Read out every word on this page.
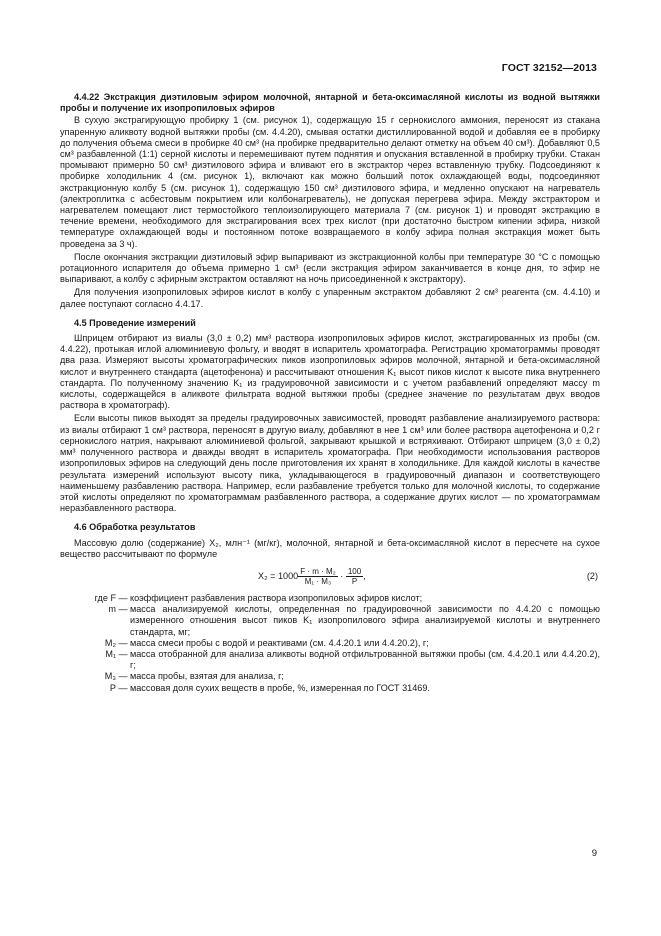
ГОСТ 32152—2013
4.4.22 Экстракция диэтиловым эфиром молочной, янтарной и бета-оксимасляной кислоты из водной вытяжки пробы и получение их изопропиловых эфиров

В сухую экстрагирующую пробирку 1 (см. рисунок 1), содержащую 15 г сернокислого аммония, переносят из стакана упаренную аликвоту водной вытяжки пробы (см. 4.4.20), смывая остатки дистиллированной водой и добавляя ее в пробирку до получения объема смеси в пробирке 40 см³ (на пробирке предварительно делают отметку на объем 40 см³). Добавляют 0,5 см³ разбавленной (1:1) серной кислоты и перемешивают путем поднятия и опускания вставленной в пробирку трубки. Стакан промывают примерно 50 см³ диэтилового эфира и вливают его в экстрактор через вставленную трубку. Подсоединяют к пробирке холодильник 4 (см. рисунок 1), включают как можно больший поток охлаждающей воды, подсоединяют экстракционную колбу 5 (см. рисунок 1), содержащую 150 см³ диэтилового эфира, и медленно опускают на нагреватель (электроплитка с асбестовым покрытием или колбонагреватель), не допуская перегрева эфира. Между экстрактором и нагревателем помещают лист термостойкого теплоизолирующего материала 7 (см. рисунок 1) и проводят экстракцию в течение времени, необходимого для экстрагирования всех трех кислот (при достаточно быстром кипении эфира, низкой температуре охлаждающей воды и постоянном потоке возвращаемого в колбу эфира полная экстракция может быть проведена за 3 ч).

После окончания экстракции диэтиловый эфир выпаривают из экстракционной колбы при температуре 30 °С с помощью ротационного испарителя до объема примерно 1 см³ (если экстракция эфиром заканчивается в конце дня, то эфир не выпаривают, а колбу с эфирным экстрактом оставляют на ночь присоединенной к экстрактору).

Для получения изопропиловых эфиров кислот в колбу с упаренным экстрактом добавляют 2 см³ реагента (см. 4.4.10) и далее поступают согласно 4.4.17.

4.5 Проведение измерений

Шприцем отбирают из виалы (3,0 ± 0,2) мм³ раствора изопропиловых эфиров кислот, экстрагированных из пробы (см. 4.4.22), протыкая иглой алюминиевую фольгу, и вводят в испаритель хроматографа. Регистрацию хроматограммы проводят два раза. Измеряют высоты хроматографических пиков изопропиловых эфиров молочной, янтарной и бета-оксимасляной кислот и внутреннего стандарта (ацетофенона) и рассчитывают отношения K₁ высот пиков кислот к высоте пика внутреннего стандарта. По полученному значению K₁ из градуировочной зависимости и с учетом разбавлений определяют массу m кислоты, содержащейся в аликвоте фильтрата водной вытяжки пробы (среднее значение по результатам двух вводов раствора в хроматограф).

Если высоты пиков выходят за пределы градуировочных зависимостей, проводят разбавление анализируемого раствора: из виалы отбирают 1 см³ раствора, переносят в другую виалу, добавляют в нее 1 см³ или более раствора ацетофенона и 0,2 г сернокислого натрия, накрывают алюминиевой фольгой, закрывают крышкой и встряхивают. Отбирают шприцем (3,0 ± 0,2) мм³ полученного раствора и дважды вводят в испаритель хроматографа. При необходимости использования растворов изопропиловых эфиров на следующий день после приготовления их хранят в холодильнике. Для каждой кислоты в качестве результата измерений используют высоту пика, укладывающегося в градуировочный диапазон и соответствующего наименьшему разбавлению раствора. Например, если разбавление требуется только для молочной кислоты, то содержание этой кислоты определяют по хроматограммам разбавленного раствора, а содержание других кислот — по хроматограммам неразбавленного раствора.

4.6 Обработка результатов

Массовую долю (содержание) X₂, млн⁻¹ (мг/кг), молочной, янтарной и бета-оксимасляной кислот в пересчете на сухое вещество рассчитывают по формуле

$X_2 = 1000 \frac{\text{F · m · M₂}}{\text{M₁ · M₃}} \cdot \frac{100}{P}$ ,	(2)
где F — коэффициент разбавления раствора изопропиловых эфиров кислот;
m — масса анализируемой кислоты, определенная по градуировочной зависимости по 4.4.20 с помощью измеренного отношения высот пиков K₁ изопропилового эфира анализируемой кислоты и внутреннего стандарта, мг;
M₂ — масса смеси пробы с водой и реактивами (см. 4.4.20.1 или 4.4.20.2), г;
M₁ — масса отобранной для анализа аликвоты водной отфильтрованной вытяжки пробы (см. 4.4.20.1 или 4.4.20.2), г;
M₃ — масса пробы, взятая для анализа, г;
P — массовая доля сухих веществ в пробе, %, измеренная по ГОСТ 31469.
9
